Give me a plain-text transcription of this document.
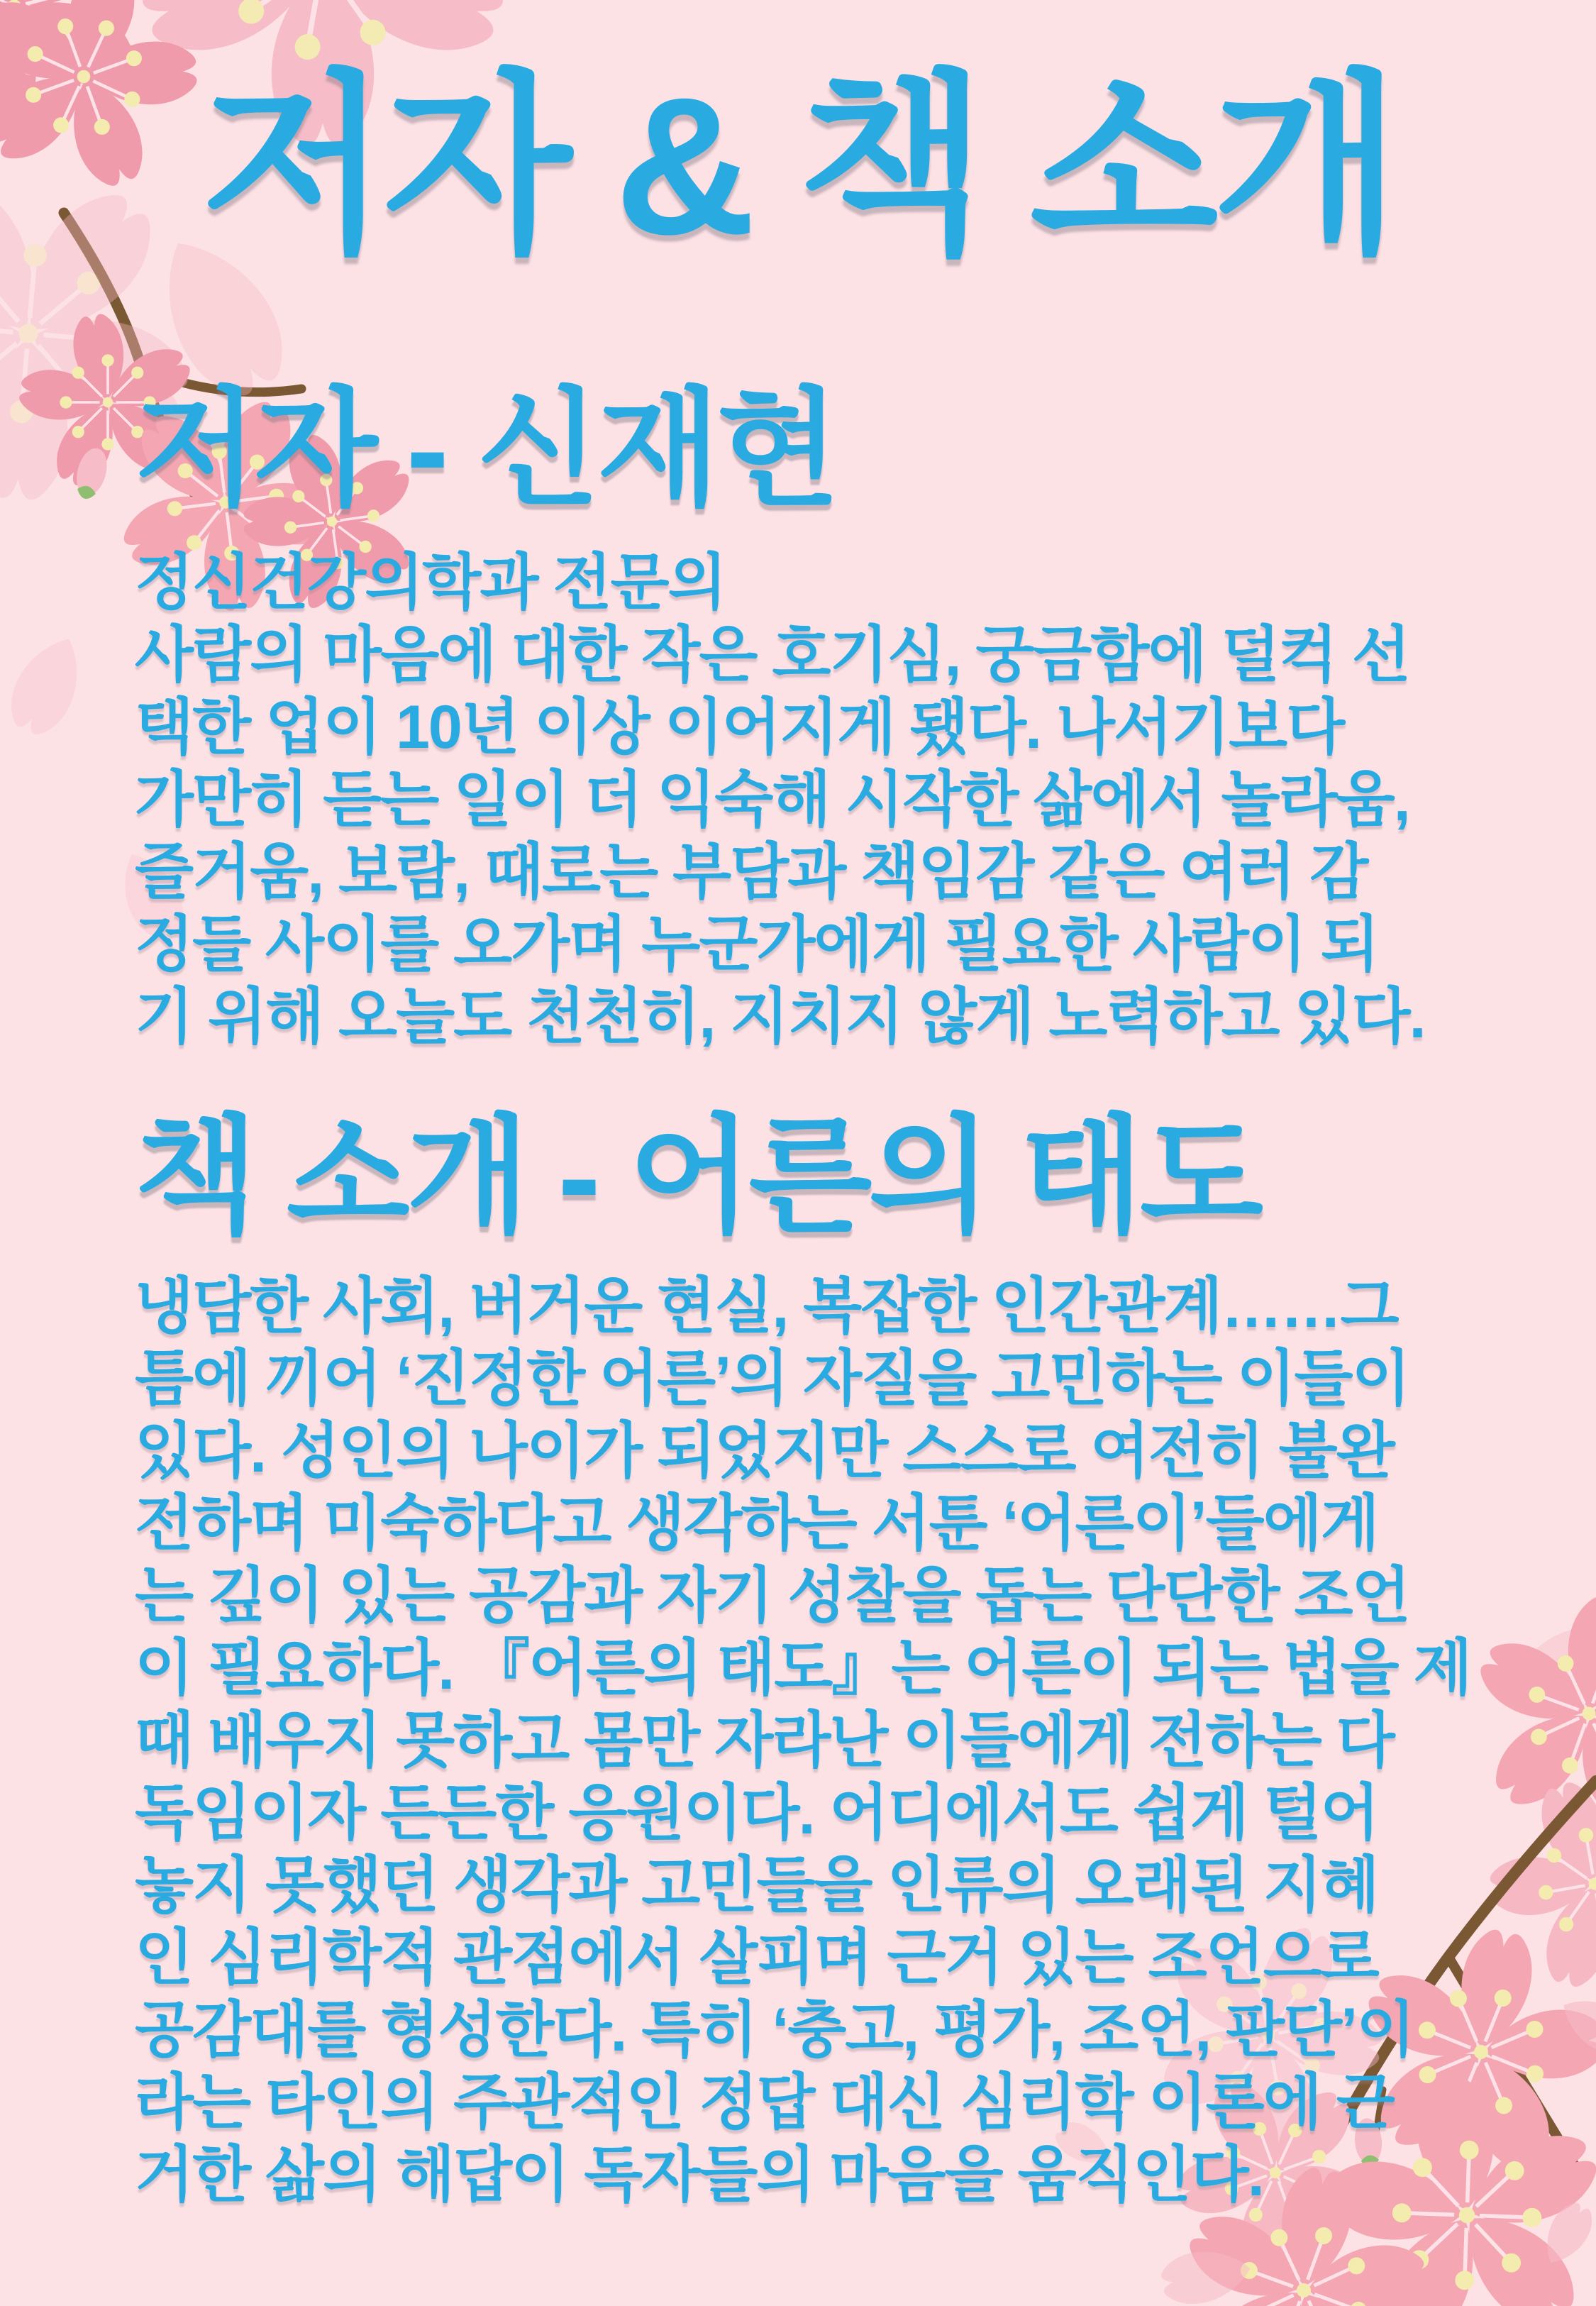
저자 & 책 소개
저자 - 신재현
정신건강의학과 전문의
사람의 마음에 대한 작은 호기심, 궁금함에 덜컥 선
택한 업이 10년 이상 이어지게 됐다. 나서기보다
가만히 듣는 일이 더 익숙해 시작한 삶에서 놀라움,
즐거움, 보람, 때로는 부담과 책임감 같은 여러 감
정들 사이를 오가며 누군가에게 필요한 사람이 되
기 위해 오늘도 천천히, 지치지 않게 노력하고 있다.
책 소개 - 어른의 태도
냉담한 사회, 버거운 현실, 복잡한 인간관계……그
틈에 끼어 ‘진정한 어른’의 자질을 고민하는 이들이
있다. 성인의 나이가 되었지만 스스로 여전히 불완
전하며 미숙하다고 생각하는 서툰 ‘어른이’들에게
는 깊이 있는 공감과 자기 성찰을 돕는 단단한 조언
이 필요하다. 『어른의 태도』는 어른이 되는 법을 제
때 배우지 못하고 몸만 자라난 이들에게 전하는 다
독임이자 든든한 응원이다. 어디에서도 쉽게 털어
놓지 못했던 생각과 고민들을 인류의 오래된 지혜
인 심리학적 관점에서 살피며 근거 있는 조언으로
공감대를 형성한다. 특히 ‘충고, 평가, 조언, 판단’이
라는 타인의 주관적인 정답 대신 심리학 이론에 근
거한 삶의 해답이 독자들의 마음을 움직인다.
